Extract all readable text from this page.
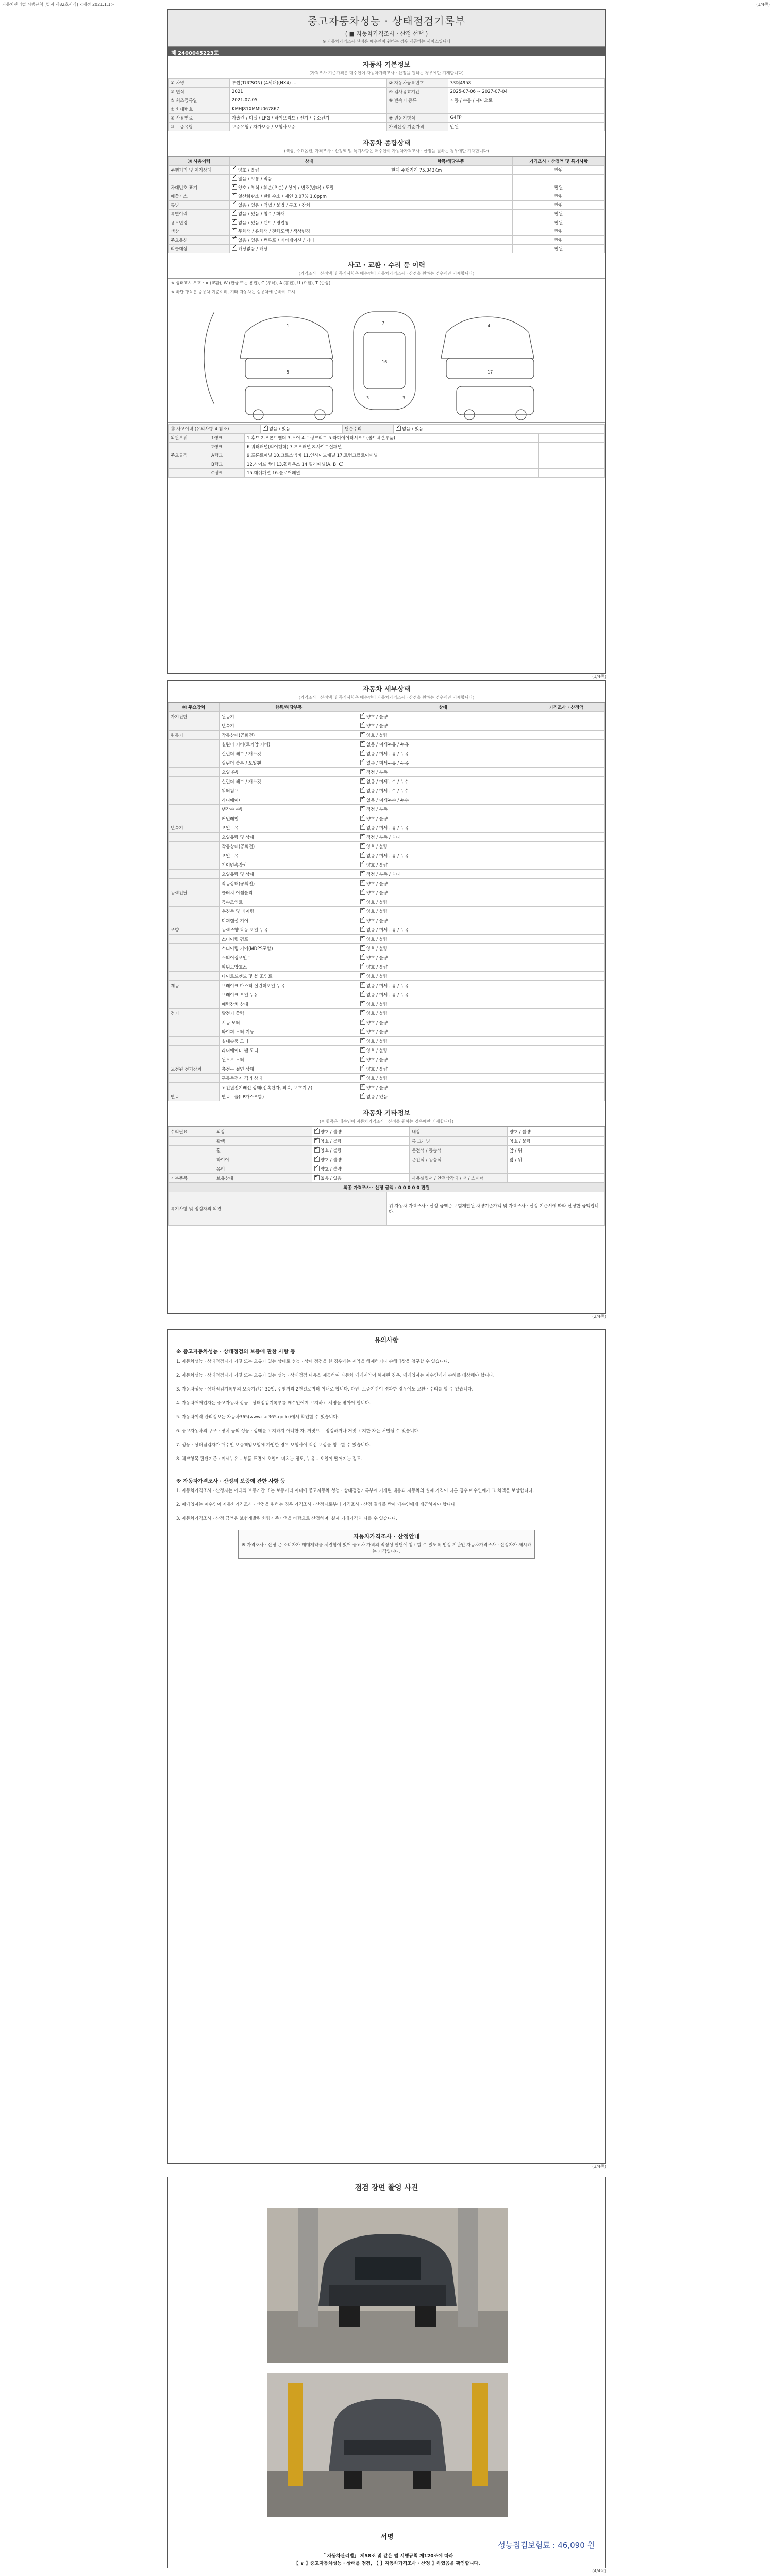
자동차관리법 시행규칙 [별지 제82호서식] <개정 2021.1.1>	(1/4쪽)
중고자동차성능 · 상태점검기록부
( ■ 자동차가격조사 · 산정 선택 )
※ 자동차가격조사·산정은 매수인이 원하는 경우 제공하는 서비스입니다
제 2400045223호
자동차 기본정보
(가격조사 기준가격은 매수인이 자동차가격조사 · 산정을 원하는 경우에만 기재합니다)
① 차명	투싼(TUCSON) (4세대)(NX4) …	② 자동차등록번호	33더4958
③ 연식	2021	④ 검사유효기간	2025-07-06 ~ 2027-07-04
⑤ 최초등록일	2021-07-05	⑥ 변속기 종류	자동 / 수동 / 세미오토
⑦ 차대번호	KMHJ81XMMU067867		
⑧ 사용연료	가솔린 / 디젤 / LPG / 하이브리드 / 전기 / 수소전기	⑨ 원동기형식	G4FP
⑩ 보증유형	보증유형 / 자가보증 / 보험사보증	가격산정 기준가격	만원
자동차 종합상태
(색상, 주요옵션, 가격조사 · 산정액 및 특기사항은 매수인이 자동차가격조사 · 산정을 원하는 경우에만 기재합니다)
⑪ 사용이력	상태	항목/해당부품	가격조사 · 산정액 및 특기사항
주행거리 및 계기상태	✓양호 / 불량	현재 주행거리 75,343Km	만원
	✓많음 / 보통 / 적음		
차대번호 표기	✓양호 / 부식 / 훼손(오손) / 상이 / 변조(변타) / 도말		만원
배출가스	✓일산화탄소 / 탄화수소 / 매연 0.07% 1.0ppm		만원
튜닝	✓없음 / 있음 / 적법 / 불법 / 구조 / 장치		만원
특별이력	✓없음 / 있음 / 침수 / 화재		만원
용도변경	✓없음 / 있음 / 렌트 / 영업용		만원
색상	✓무채색 / 유채색 / 전체도색 / 색상변경		만원
주요옵션	✓없음 / 있음 / 썬루프 / 네비게이션 / 기타		만원
리콜대상	✓해당없음 / 해당		만원
사고 · 교환 · 수리 등 이력
(가격조사 · 산정액 및 특기사항은 매수인이 자동차가격조사 · 산정을 원하는 경우에만 기재합니다)
※ 상태표시 부호 : × (교환), W (판금 또는 용접), C (부식), A (흠집), U (요철), T (손상)
※ 하단 항목은 승용차 기준이며, 기타 자동차는 승용차에 준하여 표시
1
7
16
4
5	17
3	3
⑭ 사고이력 (유의사항 4 참조)	✓없음 / 있음	단순수리	✓없음 / 있음
외판부위	1랭크	1.후드 2.프론트펜더 3.도어 4.트렁크리드 5.라디에이터서포트(볼트체결부품)	
	2랭크	6.쿼터패널(리어펜더) 7.루프패널 8.사이드실패널	
주요골격	A랭크	9.프론트패널 10.크로스멤버 11.인사이드패널 17.트렁크플로어패널	
	B랭크	12.사이드멤버 13.휠하우스 14.필러패널(A, B, C)	
	C랭크	15.대쉬패널 16.플로어패널	
(1/4쪽)
자동차 세부상태
(가격조사 · 산정액 및 특기사항은 매수인이 자동차가격조사 · 산정을 원하는 경우에만 기재합니다)
⑯ 주요장치	항목/해당부품	상태	가격조사 · 산정액
자기진단	원동기	✓양호 / 불량	
	변속기	✓양호 / 불량	
원동기	작동상태(공회전)	✓양호 / 불량	
	실린더 커버(로커암 커버)	✓없음 / 미세누유 / 누유	
	실린더 헤드 / 개스킷	✓없음 / 미세누유 / 누유	
	실린더 블록 / 오일팬	✓없음 / 미세누유 / 누유	
	오일 유량	✓적정 / 부족	
	실린더 헤드 / 개스킷	✓없음 / 미세누수 / 누수	
	워터펌프	✓없음 / 미세누수 / 누수	
	라디에이터	✓없음 / 미세누수 / 누수	
	냉각수 수량	✓적정 / 부족	
	커먼레일	✓양호 / 불량	
변속기	오일누유	✓없음 / 미세누유 / 누유	
	오일유량 및 상태	✓적정 / 부족 / 과다	
	작동상태(공회전)	✓양호 / 불량	
	오일누유	✓없음 / 미세누유 / 누유	
	기어변속장치	✓양호 / 불량	
	오일유량 및 상태	✓적정 / 부족 / 과다	
	작동상태(공회전)	✓양호 / 불량	
동력전달	클러치 어셈블리	✓양호 / 불량	
	등속조인트	✓양호 / 불량	
	추진축 및 베어링	✓양호 / 불량	
	디퍼렌셜 기어	✓양호 / 불량	
조향	동력조향 작동 오일 누유	✓없음 / 미세누유 / 누유	
	스티어링 펌프	✓양호 / 불량	
	스티어링 기어(MDPS포함)	✓양호 / 불량	
	스티어링조인트	✓양호 / 불량	
	파워고압호스	✓양호 / 불량	
	타이로드엔드 및 볼 조인트	✓양호 / 불량	
제동	브레이크 마스터 실린더오일 누유	✓없음 / 미세누유 / 누유	
	브레이크 오일 누유	✓없음 / 미세누유 / 누유	
	배력장치 상태	✓양호 / 불량	
전기	발전기 출력	✓양호 / 불량	
	시동 모터	✓양호 / 불량	
	와이퍼 모터 기능	✓양호 / 불량	
	실내송풍 모터	✓양호 / 불량	
	라디에이터 팬 모터	✓양호 / 불량	
	윈도우 모터	✓양호 / 불량	
고전원 전기장치	충전구 절연 상태	✓양호 / 불량	
	구동축전지 격리 상태	✓양호 / 불량	
	고전원전기배선 상태(접속단자, 피복, 보호기구)	✓양호 / 불량	
연료	연료누출(LP가스포함)	✓없음 / 있음	
자동차 기타정보
(※ 항목은 매수인이 자동차가격조사 · 산정을 원하는 경우에만 기재합니다)
수리필요	외장	✓양호 / 불량	내장	양호 / 불량
	광택	✓양호 / 불량	룸 크리닝	양호 / 불량
	휠	✓양호 / 불량	운전석 / 동승석	앞 / 뒤
	타이어	✓양호 / 불량	운전석 / 동승석	앞 / 뒤
	유리	✓양호 / 불량		
기본품목	보유상태	✓없음 / 있음	사용설명서 / 안전삼각대 / 잭 / 스패너	
최종 가격조사 · 산정 금액 : 0 0 0 0 0 만원
특기사항 및 점검자의 의견	위 자동차 가격조사 · 산정 금액은 보험개발원 차량기준가액 및 가격조사 · 산정 기준서에 따라 산정한 금액입니다.
(2/4쪽)
유의사항
※ 중고자동차성능 · 상태점검의 보증에 관한 사항 등

1. 자동차성능 · 상태점검자가 거짓 또는 오류가 있는 상태로 성능 · 상태 점검을 한 경우에는 계약을 해제하거나 손해배상을 청구할 수 있습니다.

2. 자동차성능 · 상태점검자가 거짓 또는 오류가 있는 성능 · 상태점검 내용을 제공하여 자동차 매매계약이 해제된 경우, 매매업자는 매수인에게 손해를 배상해야 합니다.

3. 자동차성능 · 상태점검기록부의 보증기간은 30일, 주행거리 2천킬로미터 이내로 합니다. 다만, 보증기간이 경과한 경우에도 교환 · 수리를 할 수 있습니다.

4. 자동차매매업자는 중고자동차 성능 · 상태점검기록부를 매수인에게 고지하고 서명을 받아야 합니다.

5. 자동차이력 관리정보는 자동차365(www.car365.go.kr)에서 확인할 수 있습니다.

6. 중고자동차의 구조 · 장치 등의 성능 · 상태를 고지하지 아니한 자, 거짓으로 점검하거나 거짓 고지한 자는 처벌될 수 있습니다.

7. 성능 · 상태점검자가 매수인 보증책임보험에 가입한 경우 보험사에 직접 보상을 청구할 수 있습니다.

8. 체크항목 판단기준 : 미세누유 – 부품 표면에 오일이 비치는 정도, 누유 – 오일이 떨어지는 정도.

※ 자동차가격조사 · 산정의 보증에 관한 사항 등

1. 자동차가격조사 · 산정자는 아래의 보증기간 또는 보증거리 이내에 중고자동차 성능 · 상태점검기록부에 기재된 내용과 자동차의 실제 가격이 다른 경우 매수인에게 그 차액을 보상합니다.

2. 매매업자는 매수인이 자동차가격조사 · 산정을 원하는 경우 가격조사 · 산정자로부터 가격조사 · 산정 결과를 받아 매수인에게 제공하여야 합니다.

3. 자동차가격조사 · 산정 금액은 보험개발원 차량기준가액을 바탕으로 산정하며, 실제 거래가격과 다를 수 있습니다.

자동차가격조사 · 산정안내
※ 가격조사 · 산정 은 소비자가 매매계약을 체결함에 있어 중고차 가격의 적정성 판단에 참고할 수 있도록 법정 기관인 자동차가격조사 · 산정자가 제시하는 가격입니다.
(3/4쪽)
점검 장면 촬영 사진
서명
성능점검보험료 : 46,090 원
「 자동차관리법」 제58조 및 같은 법 시행규칙 제120조에 따라
【 ∨ 】중고자동차성능 · 상태를 점검, 【 】자동차가격조사 · 산정 】하였음을 확인합니다.
(4/4쪽)
